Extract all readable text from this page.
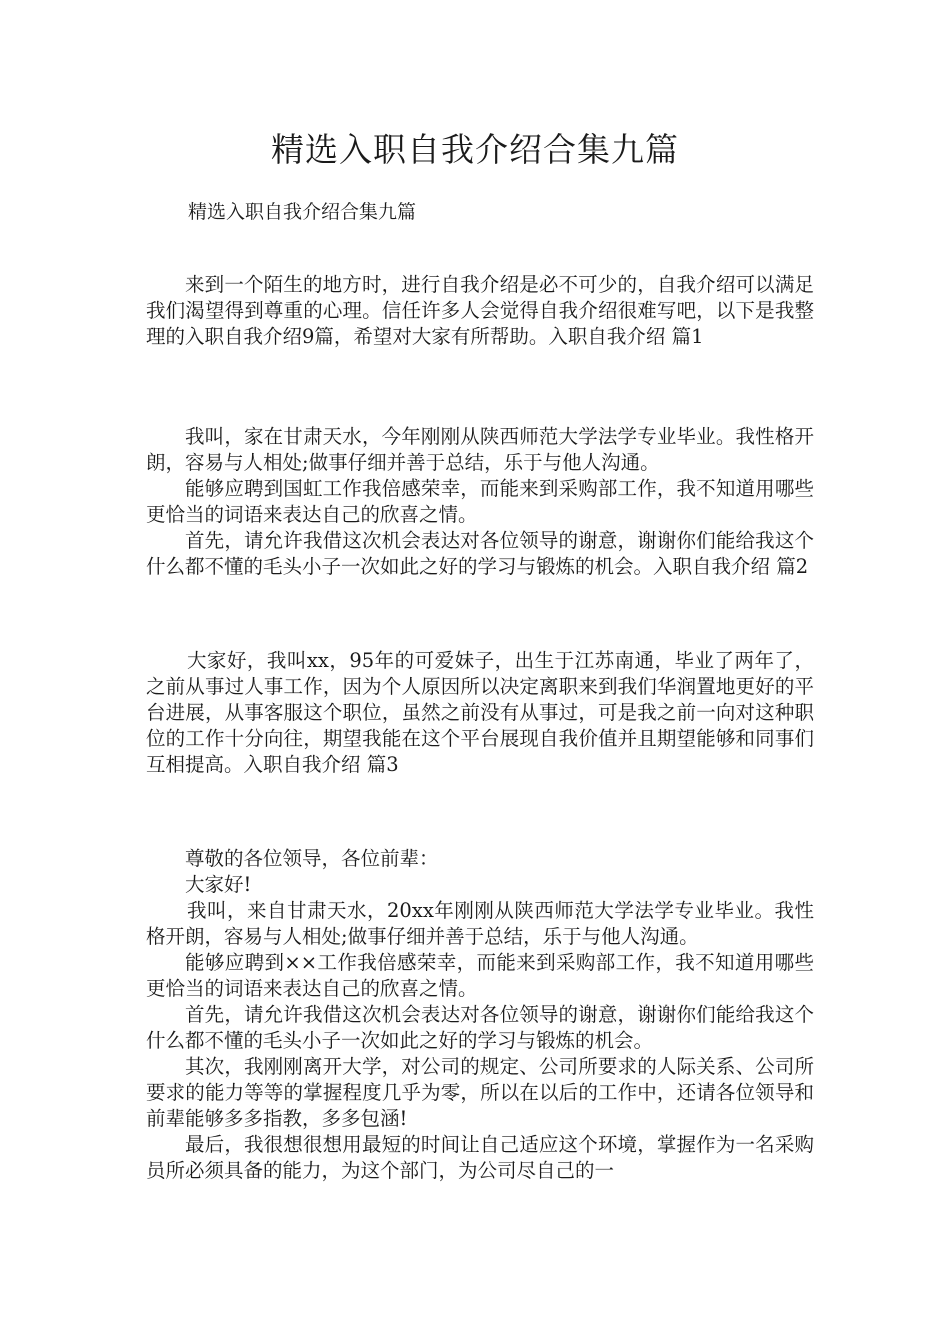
精选入职自我介绍合集九篇
精选入职自我介绍合集九篇

来到一个陌生的地方时，进行自我介绍是必不可少的，自我介绍可以满足我们渴望得到尊重的心理。信任许多人会觉得自我介绍很难写吧，以下是我整理的入职自我介绍9篇，希望对大家有所帮助。入职自我介绍 篇1

我叫，家在甘肃天水，今年刚刚从陕西师范大学法学专业毕业。我性格开朗，容易与人相处;做事仔细并善于总结，乐于与他人沟通。

能够应聘到国虹工作我倍感荣幸，而能来到采购部工作，我不知道用哪些更恰当的词语来表达自己的欣喜之情。

首先，请允许我借这次机会表达对各位领导的谢意，谢谢你们能给我这个什么都不懂的毛头小子一次如此之好的学习与锻炼的机会。入职自我介绍 篇2

大家好，我叫xx，95年的可爱妹子，出生于江苏南通，毕业了两年了，之前从事过人事工作，因为个人原因所以决定离职来到我们华润置地更好的平台进展，从事客服这个职位，虽然之前没有从事过，可是我之前一向对这种职位的工作十分向往，期望我能在这个平台展现自我价值并且期望能够和同事们互相提高。入职自我介绍 篇3

尊敬的各位领导，各位前辈：

大家好!

我叫，来自甘肃天水，20xx年刚刚从陕西师范大学法学专业毕业。我性格开朗，容易与人相处;做事仔细并善于总结，乐于与他人沟通。

能够应聘到××工作我倍感荣幸，而能来到采购部工作，我不知道用哪些更恰当的词语来表达自己的欣喜之情。

首先，请允许我借这次机会表达对各位领导的谢意，谢谢你们能给我这个什么都不懂的毛头小子一次如此之好的学习与锻炼的机会。

其次，我刚刚离开大学，对公司的规定、公司所要求的人际关系、公司所要求的能力等等的掌握程度几乎为零，所以在以后的工作中，还请各位领导和前辈能够多多指教，多多包涵!

最后，我很想很想用最短的时间让自己适应这个环境，掌握作为一名采购员所必须具备的能力，为这个部门，为公司尽自己的一
